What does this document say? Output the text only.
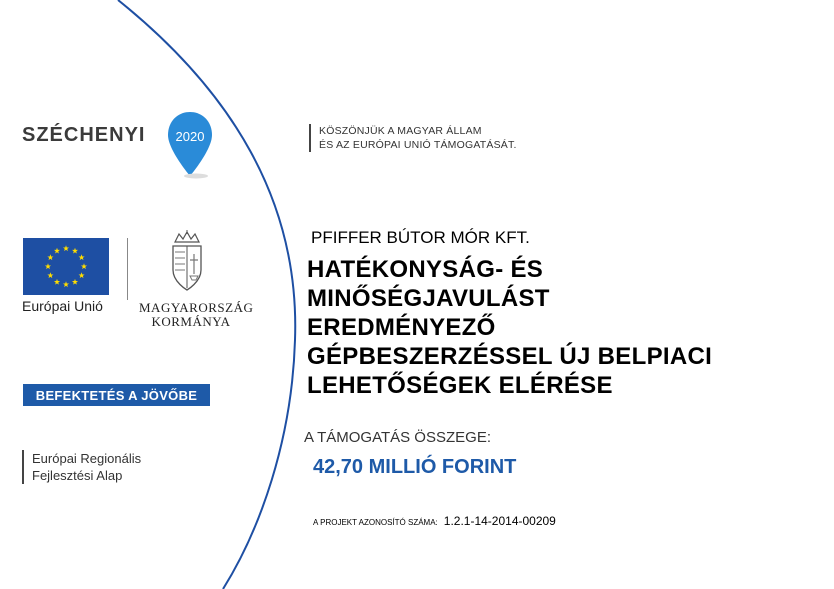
SZÉCHENYI 2020	KÖSZÖNJÜK A MAGYAR ÁLLAM
ÉS AZ EURÓPAI UNIÓ TÁMOGATÁSÁT.
Európai Unió	MAGYARORSZÁG
KORMÁNYA
BEFEKTETÉS A JÖVŐBE
Európai Regionális
Fejlesztési Alap
PFIFFER BÚTOR MÓR KFT.
HATÉKONYSÁG- ÉS
MINŐSÉGJAVULÁST
EREDMÉNYEZŐ
GÉPBESZERZÉSSEL ÚJ BELPIACI
LEHETŐSÉGEK ELÉRÉSE
A TÁMOGATÁS ÖSSZEGE:
42,70 MILLIÓ FORINT
A PROJEKT AZONOSÍTÓ SZÁMA: 1.2.1-14-2014-00209
